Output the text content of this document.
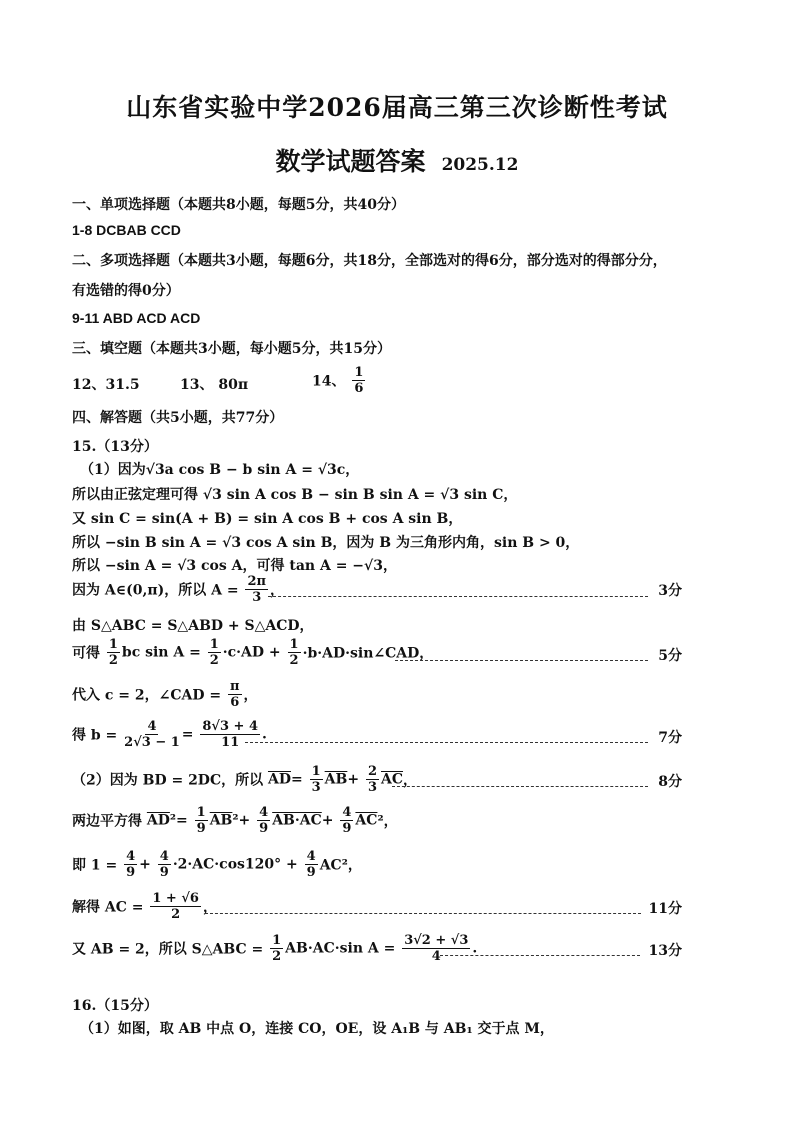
山东省实验中学2026届高三第三次诊断性考试
数学试题答案 2025.12
一、单项选择题（本题共8小题，每题5分，共40分）
1-8 DCBAB CCD
二、多项选择题（本题共3小题，每题6分，共18分，全部选对的得6分，部分选对的得部分分，
有选错的得0分）
9-11 ABD ACD ACD
三、填空题（本题共3小题，每小题5分，共15分）
12、31.5	13、 80π	14、 $\frac{1}{6}$
四、解答题（共5小题，共77分）
15.（13分）
（1）因为√3a cos B − b sin A = √3c，
所以由正弦定理可得 √3 sin A cos B − sin B sin A = √3 sin C，
又 sin C = sin(A + B) = sin A cos B + cos A sin B，
所以 −sin B sin A = √3 cos A sin B，因为 B 为三角形内角，sin B > 0，
所以 −sin A = √3 cos A，可得 tan A = −√3，
因为 A∈(0,π)，所以 $A = \frac{2\pi}{3}$ ，	3分
由 S△ABC = S△ABD + S△ACD，
可得 $\frac{1}{2}$ bc $\sin A = \frac{1}{2} \cdot c\cdot AD + \frac{1}{2}$ ·b·AD·sin∠CAD，	5分
代入 c = 2，∠CAD = $\frac{\pi}{6}$ ，
得 $b = \frac{4}{2√3 - 1} = \frac{8√3 + 4}{11}$ .	7分
（2）因为 BD = 2DC，所以 $\overline{AD}= \frac{1}{3} \overline{AB}+ \frac{2}{3} \overline{AC}$，	8分
两边平方得 $\overline{AD}^2= \frac{1}{9} \overline{AB}^2+ \frac{4}{9} AB\cdot AC+ \frac{4}{9} \overline{AC}^2$，
即 $1 = \frac{4}{9} + \frac{4}{9} \cdot 2\cdot AC\cdot\cos 120^\circ + \frac{4}{9} AC^2$，
解得 AC = $\frac{1 + √6}{2}$ ，	11分
又 AB = 2，所以 S△ABC = $\frac{1}{2} AB\cdot AC\cdot\sin$ $A = \frac{3√2 + √3}{4}$ .	13分
16.（15分）
（1）如图，取 AB 中点 O，连接 CO，OE，设 A₁B 与 AB₁ 交于点 M，
